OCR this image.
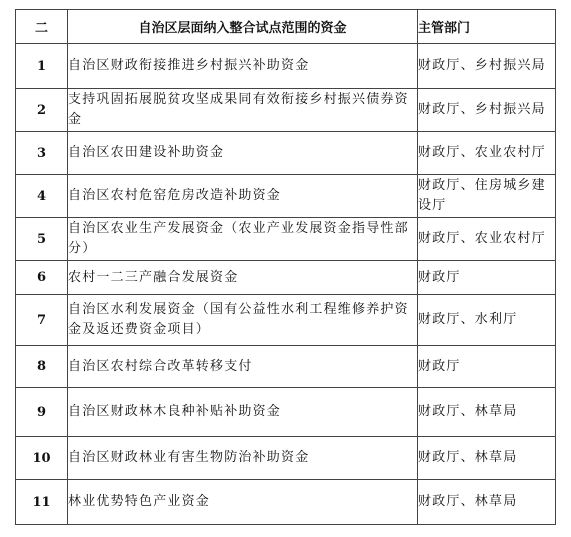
二	自治区层面纳入整合试点范围的资金	主管部门
1	自治区财政衔接推进乡村振兴补助资金	财政厅、乡村振兴局
2	支持巩固拓展脱贫攻坚成果同有效衔接乡村振兴债券资金	财政厅、乡村振兴局
3	自治区农田建设补助资金	财政厅、农业农村厅
4	自治区农村危窑危房改造补助资金	财政厅、住房城乡建设厅
5	自治区农业生产发展资金（农业产业发展资金指导性部分）	财政厅、农业农村厅
6	农村一二三产融合发展资金	财政厅
7	自治区水利发展资金（国有公益性水利工程维修养护资金及返还费资金项目）	财政厅、水利厅
8	自治区农村综合改革转移支付	财政厅
9	自治区财政林木良种补贴补助资金	财政厅、林草局
10	自治区财政林业有害生物防治补助资金	财政厅、林草局
11	林业优势特色产业资金	财政厅、林草局
